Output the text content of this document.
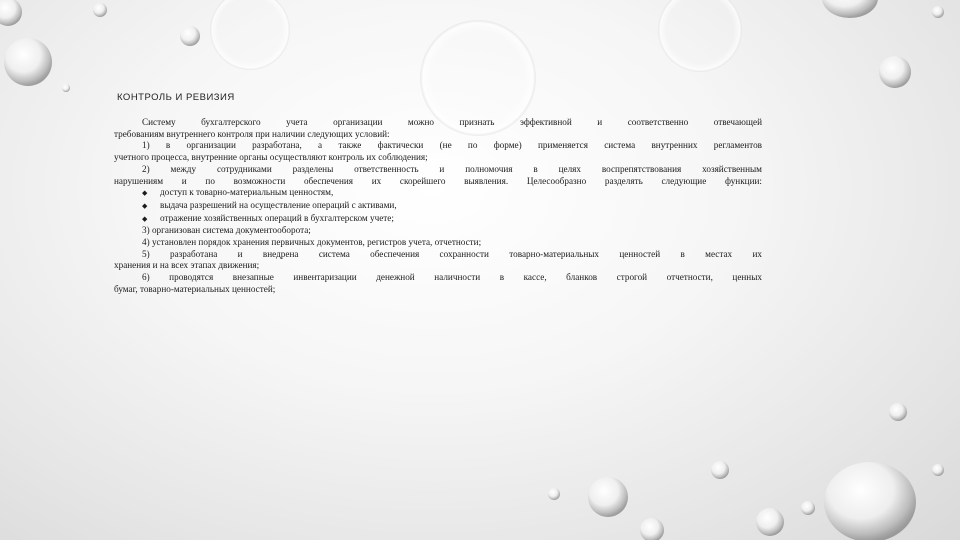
КОНТРОЛЬ И РЕВИЗИЯ
Систему бухгалтерского учета организации можно признать эффективной и соответственно отвечающей
требованиям внутреннего контроля при наличии следующих условий:
1) в организации разработана, а также фактически (не по форме) применяется система внутренних регламентов
учетного процесса, внутренние органы осуществляют контроль их соблюдения;
2) между сотрудниками разделены ответственность и полномочия в целях воспрепятствования хозяйственным
нарушениям и по возможности обеспечения их скорейшего выявления. Целесообразно разделять следующие функции:
◆ доступ к товарно-материальным ценностям,
◆ выдача разрешений на осуществление операций с активами,
◆ отражение хозяйственных операций в бухгалтерском учете;
3) организован система документооборота;
4) установлен порядок хранения первичных документов, регистров учета, отчетности;
5) разработана и внедрена система обеспечения сохранности товарно-материальных ценностей в местах их
хранения и на всех этапах движения;
6) проводятся внезапные инвентаризации денежной наличности в кассе, бланков строгой отчетности, ценных
бумаг, товарно-материальных ценностей;
